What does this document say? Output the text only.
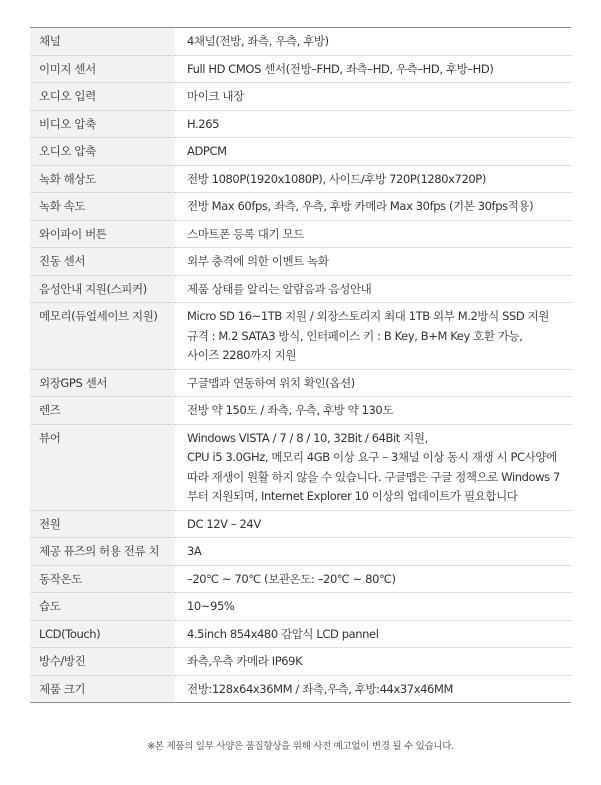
채널	4채널(전방, 좌측, 우측, 후방)

이미지 센서	Full HD CMOS 센서(전방–FHD, 좌측–HD, 우측–HD, 후방–HD)

오디오 입력	마이크 내장

비디오 압축	H.265

오디오 압축	ADPCM

녹화 해상도	전방 1080P(1920x1080P), 사이드/후방 720P(1280x720P)

녹화 속도	전방 Max 60fps, 좌측, 우측, 후방 카메라 Max 30fps (기본 30fps적용)

와이파이 버튼	스마트폰 등록 대기 모드

진동 센서	외부 충격에 의한 이벤트 녹화

음성안내 지원(스피커)	제품 상태를 알리는 알람음과 음성안내

메모리(듀얼세이브 지원)	Micro SD 16~1TB 지원 / 외장스토리지 최대 1TB 외부 M.2방식 SSD 지원
규격 : M.2 SATA3 방식, 인터페이스 키 : B Key, B+M Key 호환 가능,
사이즈 2280까지 지원

외장GPS 센서	구글맵과 연동하여 위치 확인(옵션)

렌즈	전방 약 150도 / 좌측, 우측, 후방 약 130도

뷰어	Windows VISTA / 7 / 8 / 10, 32Bit / 64Bit 지원,
CPU i5 3.0GHz, 메모리 4GB 이상 요구 – 3채널 이상 동시 재생 시 PC사양에
따라 재생이 원활 하지 않을 수 있습니다. 구글맵은 구글 정책으로 Windows 7
부터 지원되며, Internet Explorer 10 이상의 업데이트가 필요합니다

전원	DC 12V – 24V

제공 퓨즈의 허용 전류 치	3A

동작온도	–20℃ ~ 70℃ (보관온도: –20℃ ~ 80℃)

습도	10~95%

LCD(Touch)	4.5inch 854x480 감압식 LCD pannel

방수/방진	좌측,우측 카메라 IP69K

제품 크기	전방:128x64x36MM / 좌측,우측, 후방:44x37x46MM
※본 제품의 일부 사양은 품질향상을 위해 사전 예고없이 변경 될 수 있습니다.
